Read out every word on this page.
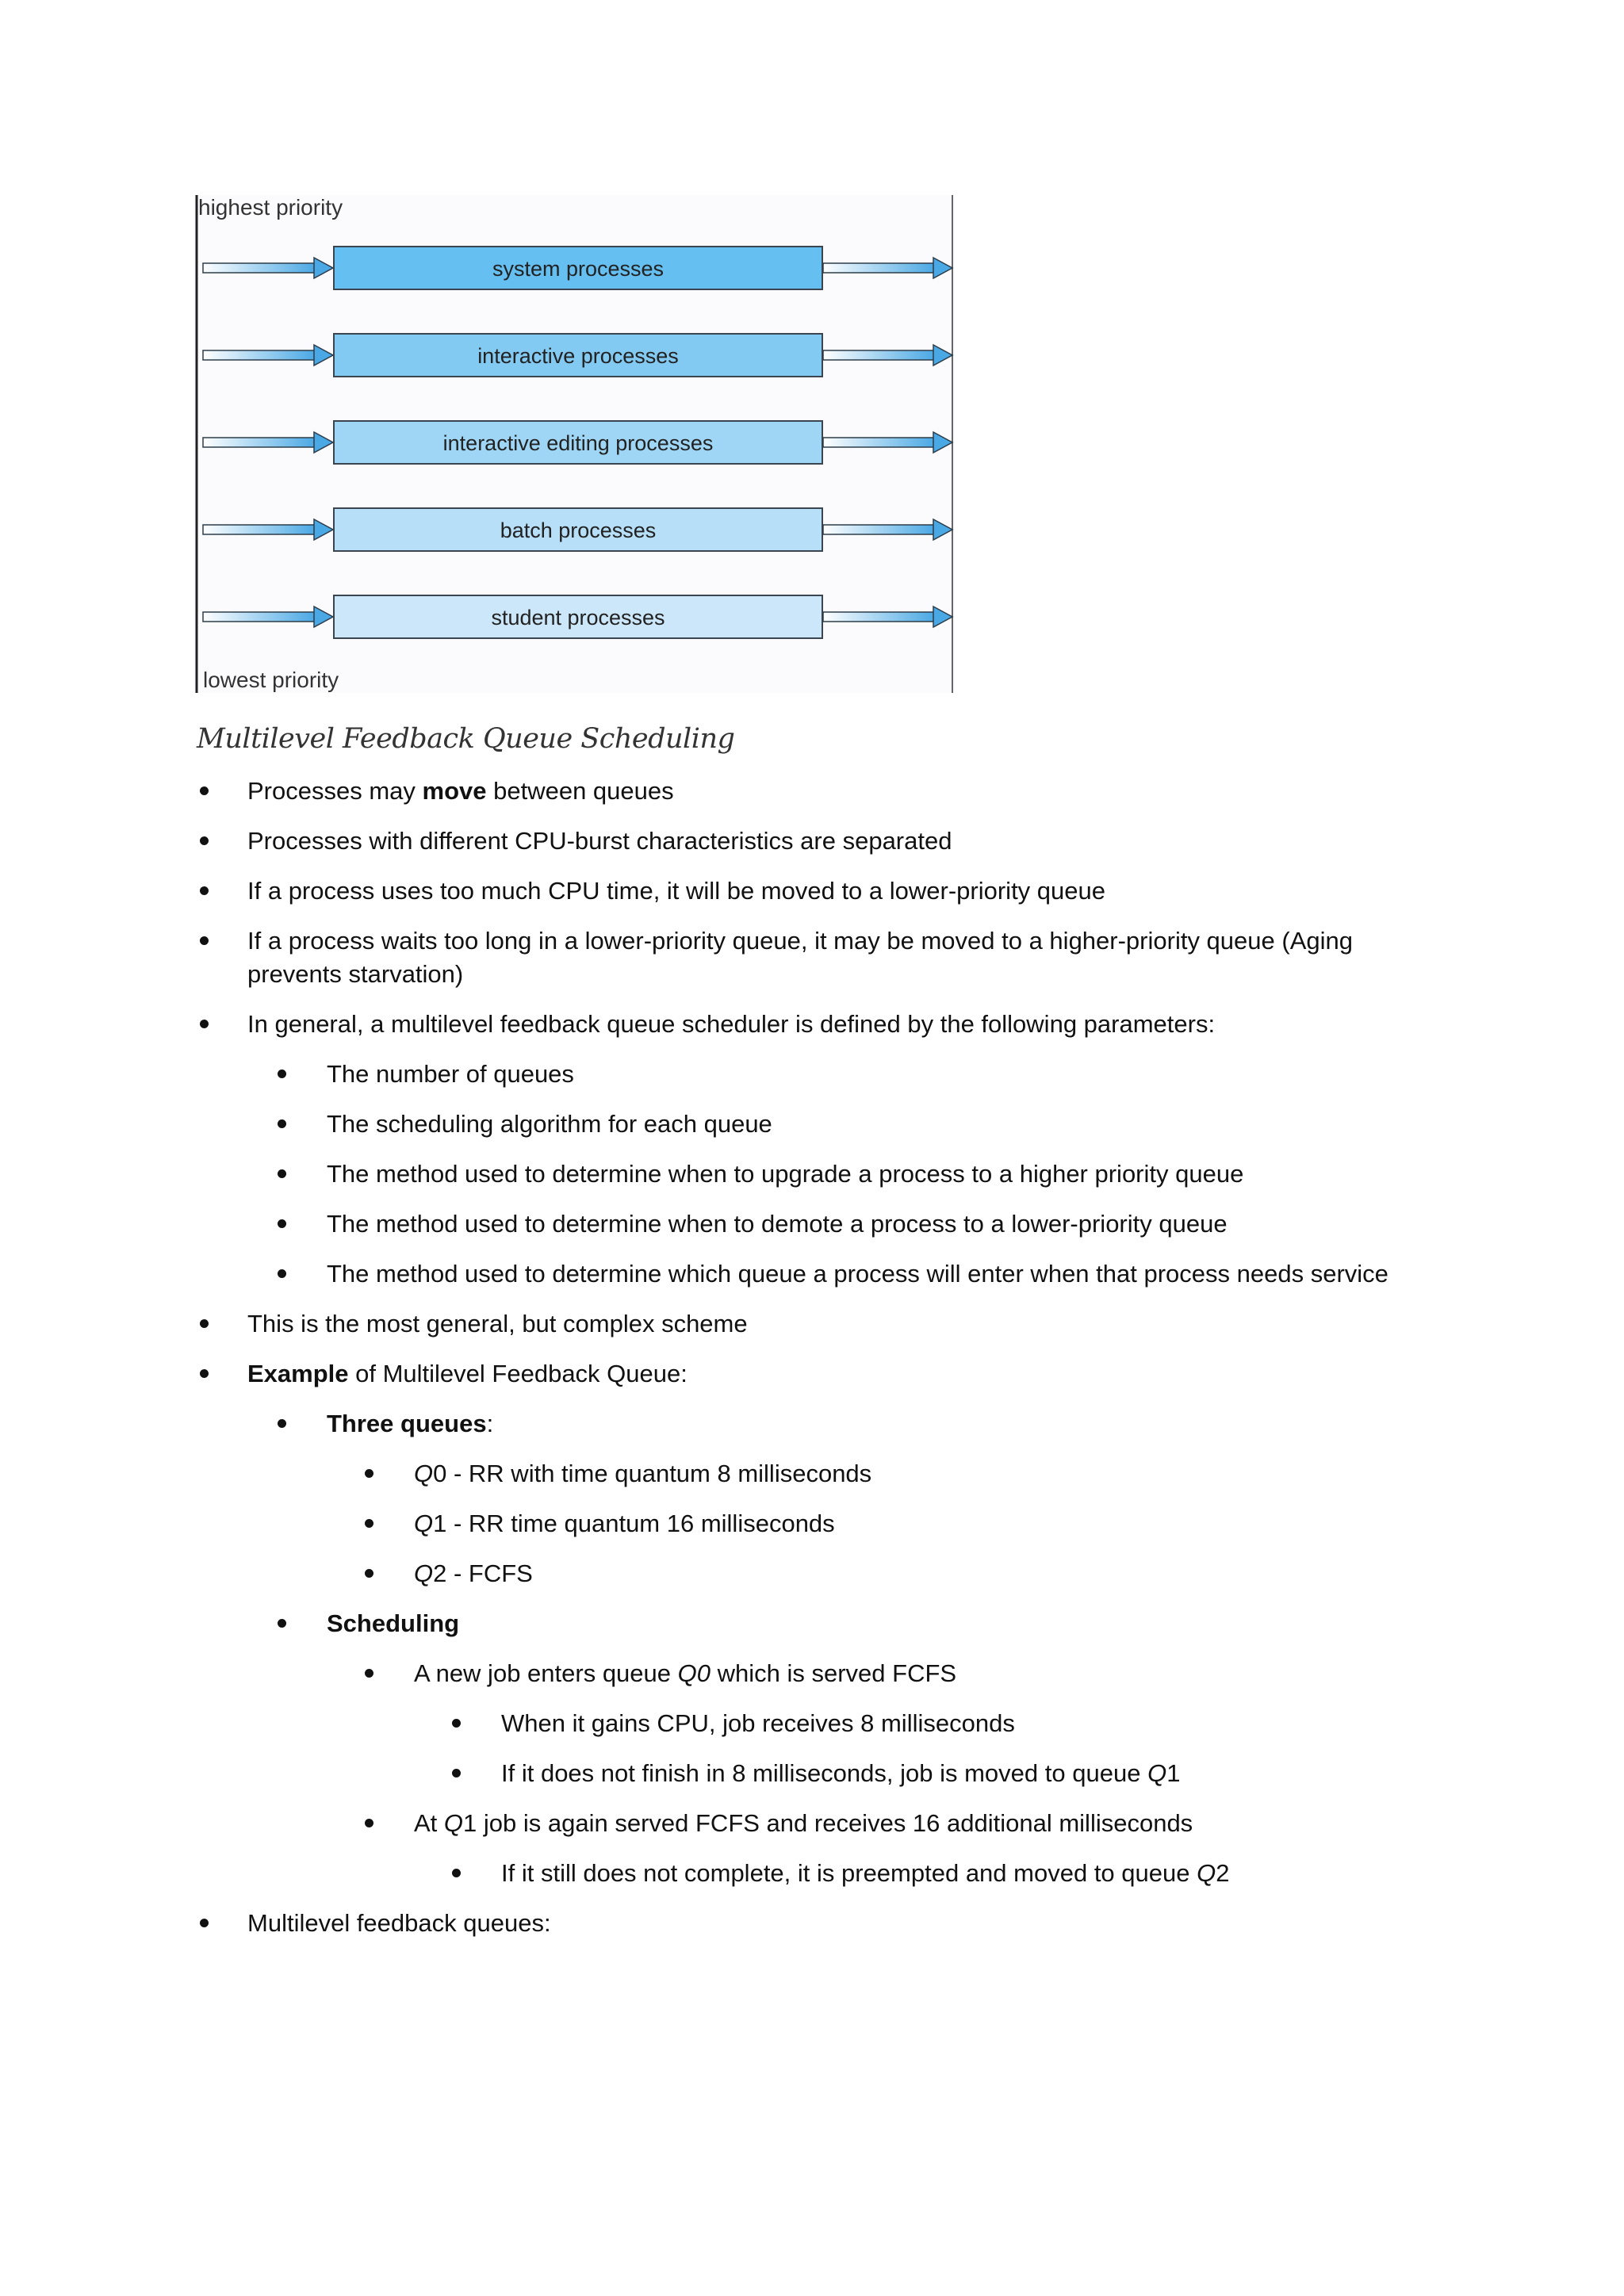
system processes
interactive processes
interactive editing processes
batch processes
student processes
highest priority
lowest priority
Multilevel Feedback Queue Scheduling
Processes may move between queues
Processes with different CPU-burst characteristics are separated
If a process uses too much CPU time, it will be moved to a lower-priority queue
If a process waits too long in a lower-priority queue, it may be moved to a higher-priority queue (Aging
prevents starvation)
In general, a multilevel feedback queue scheduler is defined by the following parameters:
The number of queues
The scheduling algorithm for each queue
The method used to determine when to upgrade a process to a higher priority queue
The method used to determine when to demote a process to a lower-priority queue
The method used to determine which queue a process will enter when that process needs service
This is the most general, but complex scheme
Example of Multilevel Feedback Queue:
Three queues:
Q0 - RR with time quantum 8 milliseconds
Q1 - RR time quantum 16 milliseconds
Q2 - FCFS
Scheduling
A new job enters queue Q0 which is served FCFS
When it gains CPU, job receives 8 milliseconds
If it does not finish in 8 milliseconds, job is moved to queue Q1
At Q1 job is again served FCFS and receives 16 additional milliseconds
If it still does not complete, it is preempted and moved to queue Q2
Multilevel feedback queues:
